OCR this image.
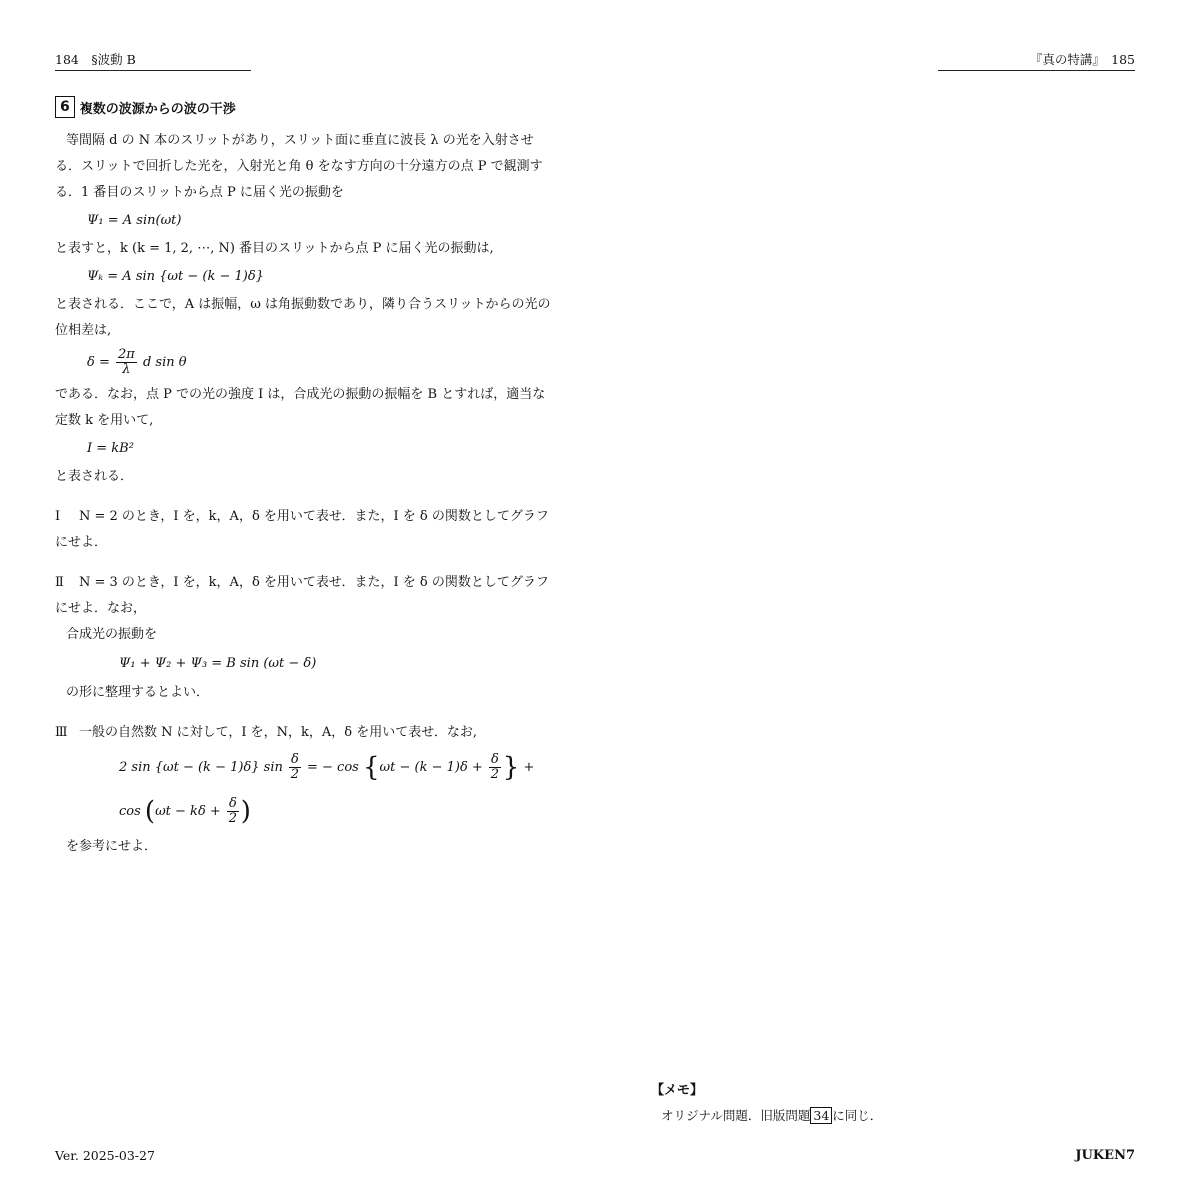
184　§波動 B	『真の特講』　185
6 複数の波源からの波の干渉

等間隔 d の N 本のスリットがあり，スリット面に垂直に波長 λ の光を入射させる．スリットで回折した光を，入射光と角 θ をなす方向の十分遠方の点 P で観測する．1 番目のスリットから点 P に届く光の振動を

Ψ₁ = A sin(ωt)

と表すと，k (k = 1, 2, ⋯, N) 番目のスリットから点 P に届く光の振動は,

Ψₖ = A sin {ωt − (k − 1)δ}

と表される．ここで，A は振幅，ω は角振動数であり，隣り合うスリットからの光の位相差は,

$\delta = \frac{2\pi}{\lambda}$ d sin θ

である．なお，点 P での光の強度 I は，合成光の振動の振幅を B とすれば，適当な定数 k を用いて,

I = kB²

と表される．

Ⅰ N = 2 のとき，I を，k，A，δ を用いて表せ．また，I を δ の関数としてグラフにせよ．
Ⅱ N = 3 のとき，I を，k，A，δ を用いて表せ．また，I を δ の関数としてグラフにせよ．なお，
合成光の振動を
Ψ₁ + Ψ₂ + Ψ₃ = B sin (ωt − δ)
の形に整理するとよい．
Ⅲ 一般の自然数 N に対して，I を，N，k，A，δ を用いて表せ．なお,
2 sin {ωt − (k − 1)δ} $\sin \frac{\delta}{2}$ = − $\cos \{\omega t - (k - 1)\delta + \frac{\delta}{2}$ } + $\cos (\omega t - k\delta + \frac{\delta}{2}$ )
を参考にせよ．
【メモ】
オリジナル問題．旧版問題 34 に同じ．
Ver. 2025-03-27	JUKEN7
